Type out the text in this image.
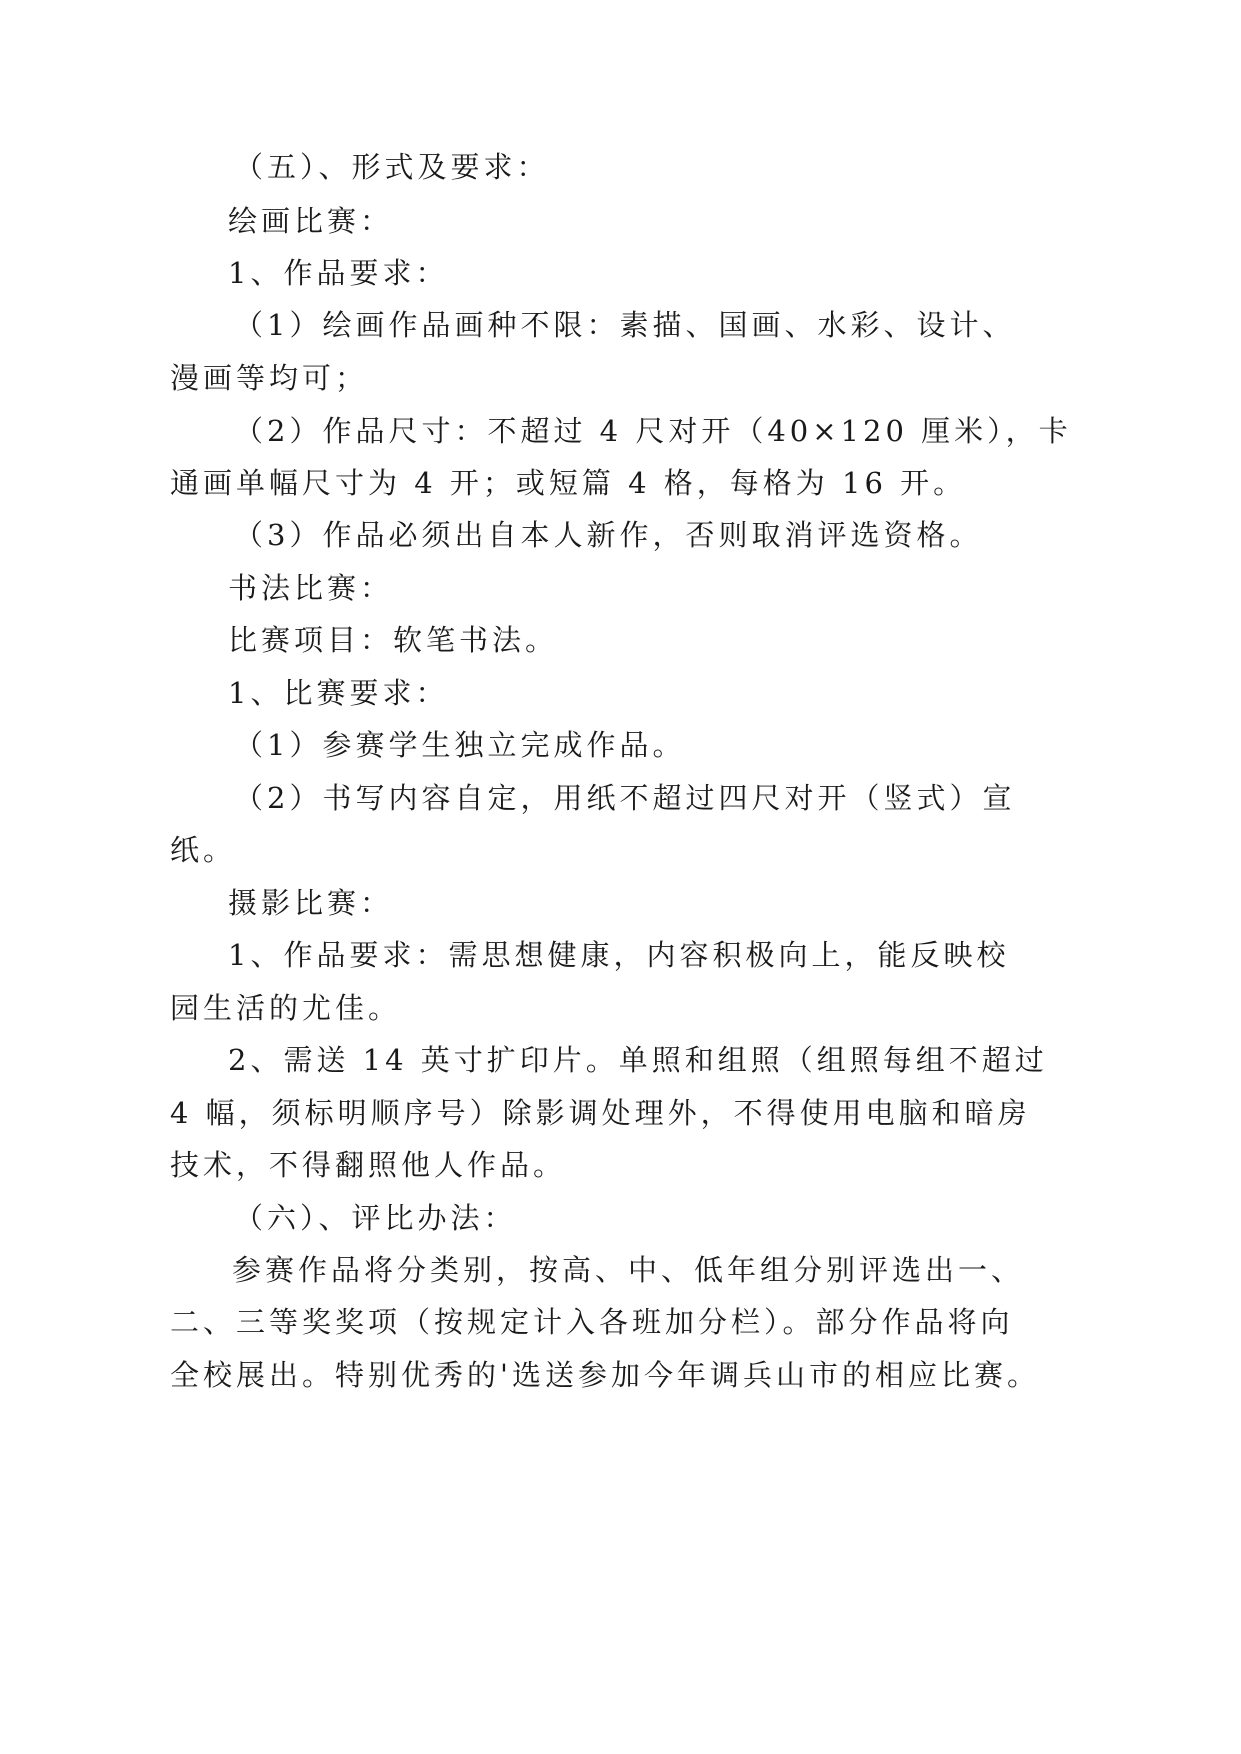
（五）、形式及要求：

绘画比赛：

1、作品要求：

（1）绘画作品画种不限：素描、国画、水彩、设计、

漫画等均可；

（2）作品尺寸：不超过 4 尺对开（40×120 厘米），卡

通画单幅尺寸为 4 开；或短篇 4 格，每格为 16 开。

（3）作品必须出自本人新作，否则取消评选资格。

书法比赛：

比赛项目：软笔书法。

1、比赛要求：

（1）参赛学生独立完成作品。

（2）书写内容自定，用纸不超过四尺对开（竖式）宣

纸。

摄影比赛：

1、作品要求：需思想健康，内容积极向上，能反映校

园生活的尤佳。

2、需送 14 英寸扩印片。单照和组照（组照每组不超过

4 幅，须标明顺序号）除影调处理外，不得使用电脑和暗房

技术，不得翻照他人作品。

（六）、评比办法：

参赛作品将分类别，按高、中、低年组分别评选出一、

二、三等奖奖项（按规定计入各班加分栏）。部分作品将向

全校展出。特别优秀的'选送参加今年调兵山市的相应比赛。
